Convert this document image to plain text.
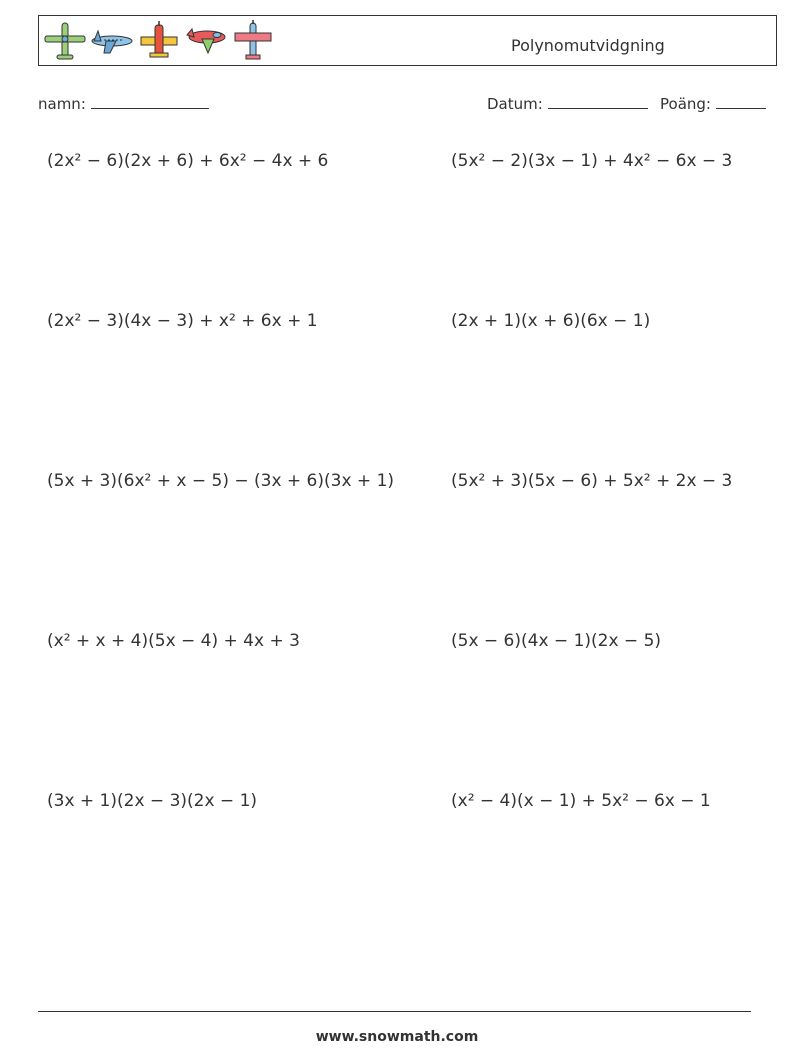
Polynomutvidgning
namn:	Datum:	Poäng:
(2x² − 6)(2x + 6) + 6x² − 4x + 6	(5x² − 2)(3x − 1) + 4x² − 6x − 3
(2x² − 3)(4x − 3) + x² + 6x + 1	(2x + 1)(x + 6)(6x − 1)
(5x + 3)(6x² + x − 5) − (3x + 6)(3x + 1)	(5x² + 3)(5x − 6) + 5x² + 2x − 3
(x² + x + 4)(5x − 4) + 4x + 3	(5x − 6)(4x − 1)(2x − 5)
(3x + 1)(2x − 3)(2x − 1)	(x² − 4)(x − 1) + 5x² − 6x − 1
www.snowmath.com
